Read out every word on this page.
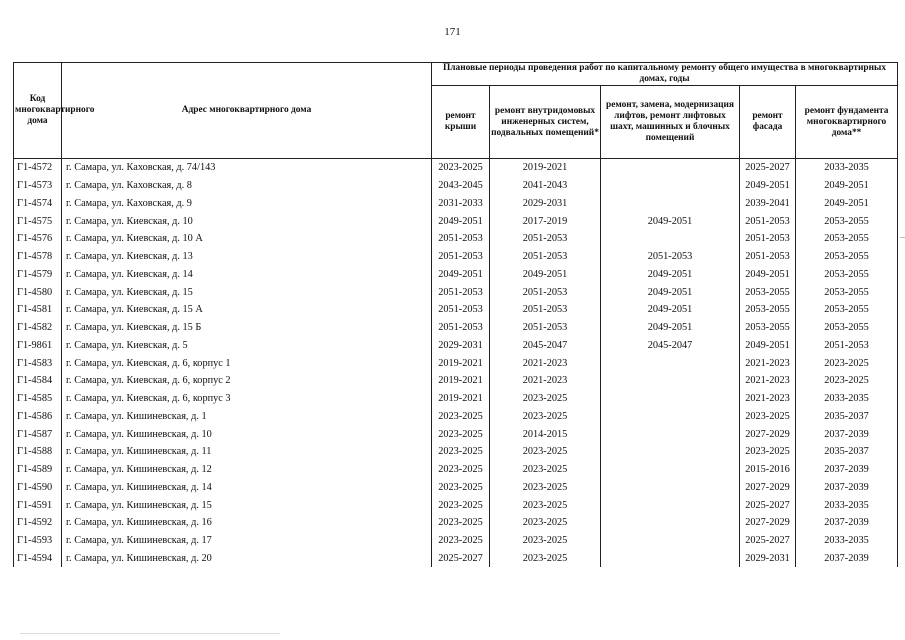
171
Код многоквартирного дома	Адрес многоквартирного дома	Плановые периоды проведения работ по капитальному ремонту общего имущества в многоквартирных домах, годы				
		ремонт крыши	ремонт внутридомовых инженерных систем, подвальных помещений*	ремонт, замена, модернизация лифтов, ремонт лифтовых шахт, машинных и блочных помещений	ремонт фасада	ремонт фундамента многоквартирного дома**
Г1-4572	г. Самара, ул. Каховская, д. 74/143	2023-2025	2019-2021		2025-2027	2033-2035
Г1-4573	г. Самара, ул. Каховская, д. 8	2043-2045	2041-2043		2049-2051	2049-2051
Г1-4574	г. Самара, ул. Каховская, д. 9	2031-2033	2029-2031		2039-2041	2049-2051
Г1-4575	г. Самара, ул. Киевская, д. 10	2049-2051	2017-2019	2049-2051	2051-2053	2053-2055
Г1-4576	г. Самара, ул. Киевская, д. 10 А	2051-2053	2051-2053		2051-2053	2053-2055
Г1-4578	г. Самара, ул. Киевская, д. 13	2051-2053	2051-2053	2051-2053	2051-2053	2053-2055
Г1-4579	г. Самара, ул. Киевская, д. 14	2049-2051	2049-2051	2049-2051	2049-2051	2053-2055
Г1-4580	г. Самара, ул. Киевская, д. 15	2051-2053	2051-2053	2049-2051	2053-2055	2053-2055
Г1-4581	г. Самара, ул. Киевская, д. 15 А	2051-2053	2051-2053	2049-2051	2053-2055	2053-2055
Г1-4582	г. Самара, ул. Киевская, д. 15 Б	2051-2053	2051-2053	2049-2051	2053-2055	2053-2055
Г1-9861	г. Самара, ул. Киевская, д. 5	2029-2031	2045-2047	2045-2047	2049-2051	2051-2053
Г1-4583	г. Самара, ул. Киевская, д. 6, корпус 1	2019-2021	2021-2023		2021-2023	2023-2025
Г1-4584	г. Самара, ул. Киевская, д. 6, корпус 2	2019-2021	2021-2023		2021-2023	2023-2025
Г1-4585	г. Самара, ул. Киевская, д. 6, корпус 3	2019-2021	2023-2025		2021-2023	2033-2035
Г1-4586	г. Самара, ул. Кишиневская, д. 1	2023-2025	2023-2025		2023-2025	2035-2037
Г1-4587	г. Самара, ул. Кишиневская, д. 10	2023-2025	2014-2015		2027-2029	2037-2039
Г1-4588	г. Самара, ул. Кишиневская, д. 11	2023-2025	2023-2025		2023-2025	2035-2037
Г1-4589	г. Самара, ул. Кишиневская, д. 12	2023-2025	2023-2025		2015-2016	2037-2039
Г1-4590	г. Самара, ул. Кишиневская, д. 14	2023-2025	2023-2025		2027-2029	2037-2039
Г1-4591	г. Самара, ул. Кишиневская, д. 15	2023-2025	2023-2025		2025-2027	2033-2035
Г1-4592	г. Самара, ул. Кишиневская, д. 16	2023-2025	2023-2025		2027-2029	2037-2039
Г1-4593	г. Самара, ул. Кишиневская, д. 17	2023-2025	2023-2025		2025-2027	2033-2035
Г1-4594	г. Самара, ул. Кишиневская, д. 20	2025-2027	2023-2025		2029-2031	2037-2039
